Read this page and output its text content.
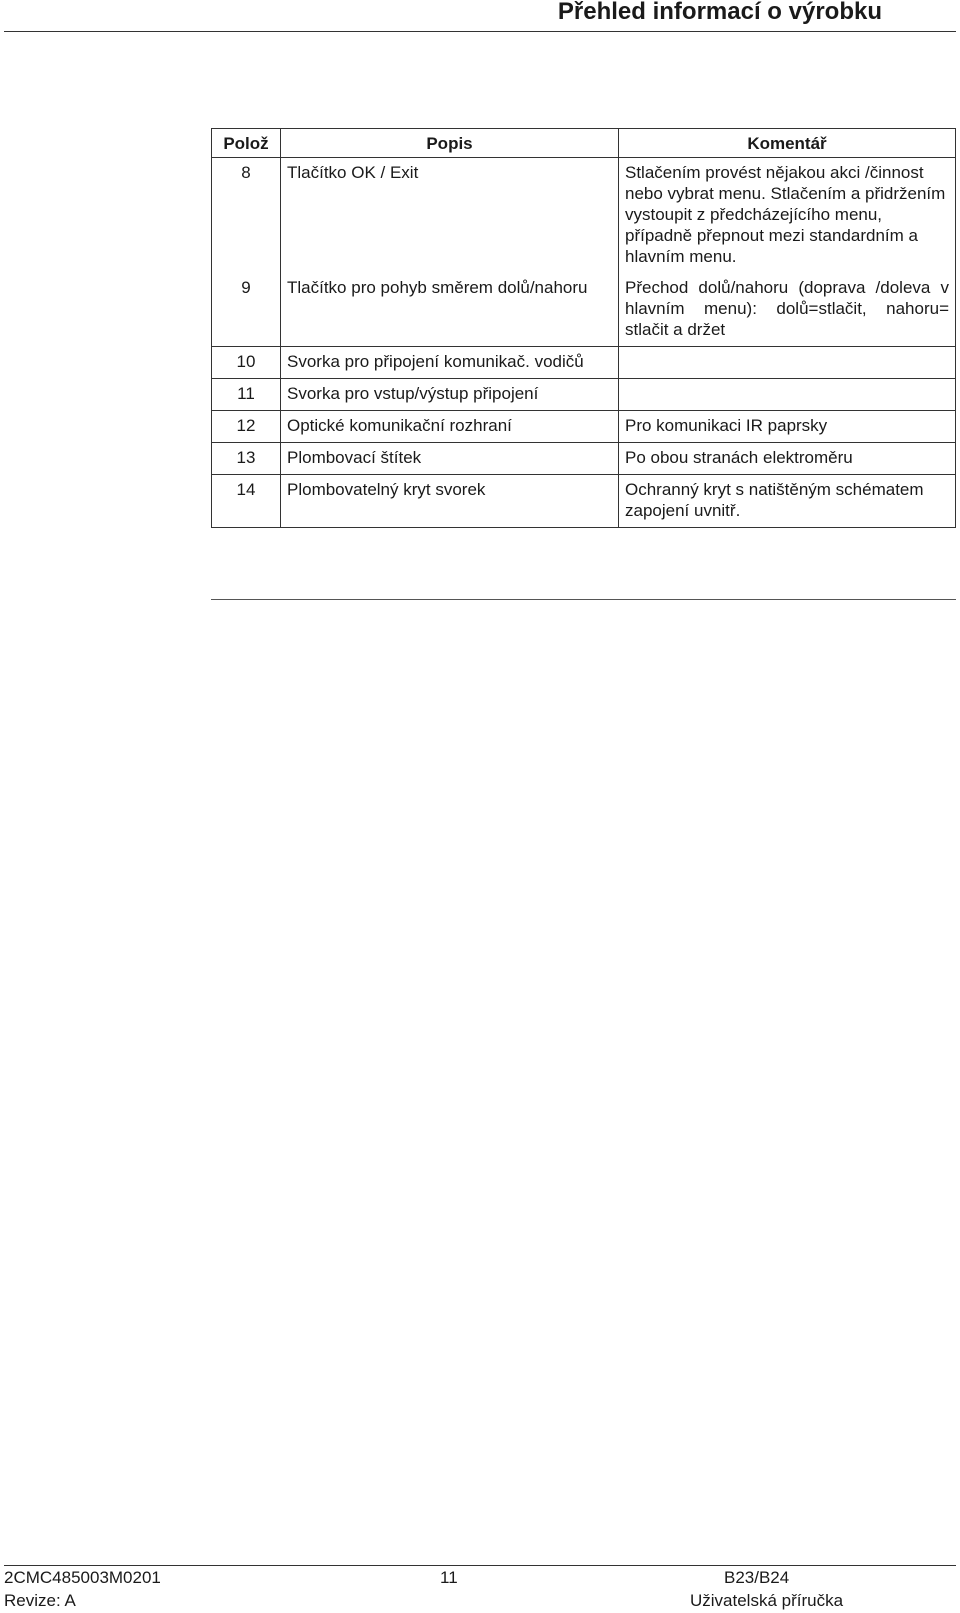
Přehled informací o výrobku
Polož	Popis	Komentář
8	Tlačítko OK / Exit	Stlačením provést nějakou akci /činnost nebo vybrat menu. Stlačením a přidržením vystoupit z předcházejícího menu, případně přepnout mezi standardním a hlavním menu.
9	Tlačítko pro pohyb směrem dolů/nahoru	Přechod dolů/nahoru (doprava /doleva v hlavním menu): dolů=stlačit, nahoru= stlačit a držet
10	Svorka pro připojení komunikač. vodičů	
11	Svorka pro vstup/výstup připojení	
12	Optické komunikační rozhraní	Pro komunikaci IR paprsky
13	Plombovací štítek	Po obou stranách elektroměru
14	Plombovatelný kryt svorek	Ochranný kryt s natištěným schématem zapojení uvnitř.
2CMC485003M0201
Revize: A
11	B23/B24
Uživatelská příručka
